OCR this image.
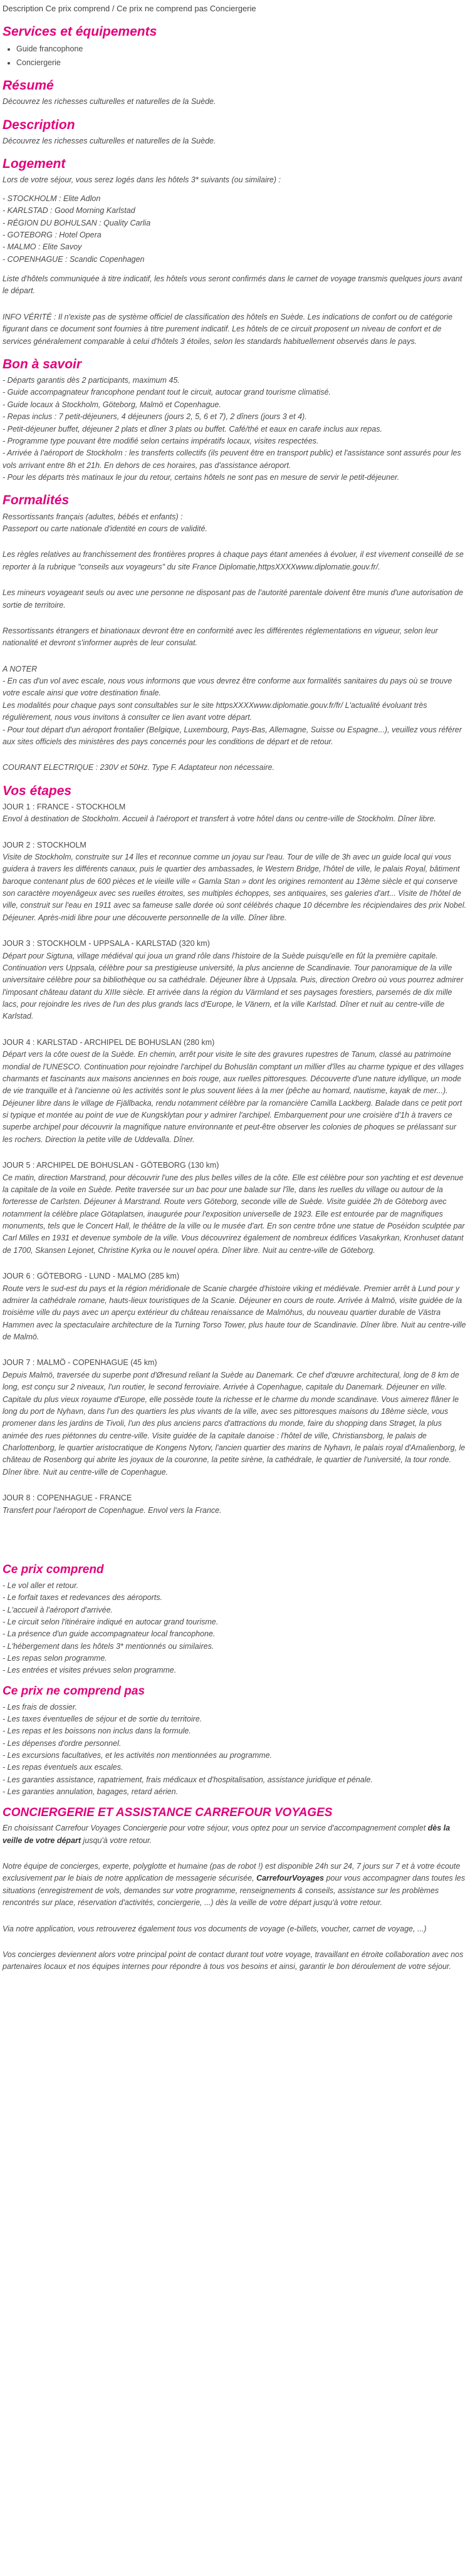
Description Ce prix comprend / Ce prix ne comprend pas Conciergerie
Services et équipements
• Guide francophone
• Conciergerie
Résumé

Découvrez les richesses culturelles et naturelles de la Suède.

Description

Découvrez les richesses culturelles et naturelles de la Suède.

Logement

Lors de votre séjour, vous serez logés dans les hôtels 3* suivants (ou similaire) :

- STOCKHOLM : Elite Adlon

- KARLSTAD : Good Morning Karlstad

- RÉGION DU BOHULSAN : Quality Carlia

- GOTEBORG : Hotel Opera

- MALMO : Elite Savoy

- COPENHAGUE : Scandic Copenhagen

Liste d'hôtels communiquée à titre indicatif, les hôtels vous seront confirmés dans le carnet de voyage transmis quelques jours avant le départ.

INFO VÉRITÉ : Il n'existe pas de système officiel de classification des hôtels en Suède. Les indications de confort ou de catégorie figurant dans ce document sont fournies à titre purement indicatif. Les hôtels de ce circuit proposent un niveau de confort et de services généralement comparable à celui d'hôtels 3 étoiles, selon les standards habituellement observés dans le pays.

Bon à savoir

- Départs garantis dès 2 participants, maximum 45.

- Guide accompagnateur francophone pendant tout le circuit, autocar grand tourisme climatisé.

- Guide locaux à Stockholm, Göteborg, Malmö et Copenhague.

- Repas inclus : 7 petit-déjeuners, 4 déjeuners (jours 2, 5, 6 et 7), 2 dîners (jours 3 et 4).

- Petit-déjeuner buffet, déjeuner 2 plats et dîner 3 plats ou buffet. Café/thé et eaux en carafe inclus aux repas.

- Programme type pouvant être modifié selon certains impératifs locaux, visites respectées.

- Arrivée à l'aéroport de Stockholm : les transferts collectifs (ils peuvent être en transport public) et l'assistance sont assurés pour les vols arrivant entre 8h et 21h. En dehors de ces horaires, pas d'assistance aéroport.

- Pour les départs très matinaux le jour du retour, certains hôtels ne sont pas en mesure de servir le petit-déjeuner.

Formalités

Ressortissants français (adultes, bébés et enfants) :
Passeport ou carte nationale d'identité en cours de validité.

Les règles relatives au franchissement des frontières propres à chaque pays étant amenées à évoluer, il est vivement conseillé de se reporter à la rubrique "conseils aux voyageurs" du site France Diplomatie,httpsXXXXwww.diplomatie.gouv.fr/.

Les mineurs voyageant seuls ou avec une personne ne disposant pas de l'autorité parentale doivent être munis d'une autorisation de sortie de territoire.

Ressortissants étrangers et binationaux devront être en conformité avec les différentes réglementations en vigueur, selon leur nationalité et devront s'informer auprès de leur consulat.

A NOTER
- En cas d'un vol avec escale, nous vous informons que vous devrez être conforme aux formalités sanitaires du pays où se trouve votre escale ainsi que votre destination finale.
Les modalités pour chaque pays sont consultables sur le site httpsXXXXwww.diplomatie.gouv.fr/fr/ L'actualité évoluant très régulièrement, nous vous invitons à consulter ce lien avant votre départ.
- Pour tout départ d'un aéroport frontalier (Belgique, Luxembourg, Pays-Bas, Allemagne, Suisse ou Espagne...), veuillez vous référer aux sites officiels des ministères des pays concernés pour les conditions de départ et de retour.

COURANT ELECTRIQUE : 230V et 50Hz. Type F. Adaptateur non nécessaire.

Vos étapes

JOUR 1 : FRANCE - STOCKHOLM

Envol à destination de Stockholm. Accueil à l'aéroport et transfert à votre hôtel dans ou centre-ville de Stockholm. Dîner libre.

JOUR 2 : STOCKHOLM

Visite de Stockholm, construite sur 14 îles et reconnue comme un joyau sur l'eau. Tour de ville de 3h avec un guide local qui vous guidera à travers les différents canaux, puis le quartier des ambassades, le Western Bridge, l'hôtel de ville, le palais Royal, bâtiment baroque contenant plus de 600 pièces et le vieille ville « Gamla Stan » dont les origines remontent au 13ème siècle et qui conserve son caractère moyenâgeux avec ses ruelles étroites, ses multiples échoppes, ses antiquaires, ses galeries d'art... Visite de l'hôtel de ville, construit sur l'eau en 1911 avec sa fameuse salle dorée où sont célébrés chaque 10 décembre les récipiendaires des prix Nobel. Déjeuner. Après-midi libre pour une découverte personnelle de la ville. Dîner libre.

JOUR 3 : STOCKHOLM - UPPSALA - KARLSTAD (320 km)

Départ pour Sigtuna, village médiéval qui joua un grand rôle dans l'histoire de la Suède puisqu'elle en fût la première capitale. Continuation vers Uppsala, célèbre pour sa prestigieuse université, la plus ancienne de Scandinavie. Tour panoramique de la ville universitaire célèbre pour sa bibliothèque ou sa cathédrale. Déjeuner libre à Uppsala. Puis, direction Orebro où vous pourrez admirer l'imposant château datant du XIIIe siècle. Et arrivée dans la région du Värmland et ses paysages forestiers, parsemés de dix mille lacs, pour rejoindre les rives de l'un des plus grands lacs d'Europe, le Vänern, et la ville Karlstad. Dîner et nuit au centre-ville de Karlstad.

JOUR 4 : KARLSTAD - ARCHIPEL DE BOHUSLAN (280 km)

Départ vers la côte ouest de la Suède. En chemin, arrêt pour visite le site des gravures rupestres de Tanum, classé au patrimoine mondial de l'UNESCO. Continuation pour rejoindre l'archipel du Bohuslän comptant un millier d'îles au charme typique et des villages charmants et fascinants aux maisons anciennes en bois rouge, aux ruelles pittoresques. Découverte d'une nature idyllique, un mode de vie tranquille et à l'ancienne où les activités sont le plus souvent liées à la mer (pêche au homard, nautisme, kayak de mer...). Déjeuner libre dans le village de Fjällbacka, rendu notamment célèbre par la romancière Camilla Lackberg. Balade dans ce petit port si typique et montée au point de vue de Kungsklytan pour y admirer l'archipel. Embarquement pour une croisière d'1h à travers ce superbe archipel pour découvrir la magnifique nature environnante et peut-être observer les colonies de phoques se prélassant sur les rochers. Direction la petite ville de Uddevalla. Dîner.

JOUR 5 : ARCHIPEL DE BOHUSLAN - GÖTEBORG (130 km)

Ce matin, direction Marstrand, pour découvrir l'une des plus belles villes de la côte. Elle est célèbre pour son yachting et est devenue la capitale de la voile en Suède. Petite traversée sur un bac pour une balade sur l'île, dans les ruelles du village ou autour de la forteresse de Carlsten. Déjeuner à Marstrand. Route vers Göteborg, seconde ville de Suède. Visite guidée 2h de Göteborg avec notamment la célèbre place Götaplatsen, inaugurée pour l'exposition universelle de 1923. Elle est entourée par de magnifiques monuments, tels que le Concert Hall, le théâtre de la ville ou le musée d'art. En son centre trône une statue de Poséidon sculptée par Carl Milles en 1931 et devenue symbole de la ville. Vous découvrirez également de nombreux édifices Vasakyrkan, Kronhuset datant de 1700, Skansen Lejonet, Christine Kyrka ou le nouvel opéra. Dîner libre. Nuit au centre-ville de Göteborg.

JOUR 6 : GÖTEBORG - LUND - MALMO (285 km)

Route vers le sud-est du pays et la région méridionale de Scanie chargée d'histoire viking et médiévale. Premier arrêt à Lund pour y admirer la cathédrale romane, hauts-lieux touristiques de la Scanie. Déjeuner en cours de route. Arrivée à Malmö, visite guidée de la troisième ville du pays avec un aperçu extérieur du château renaissance de Malmöhus, du nouveau quartier durable de Västra Hammen avec la spectaculaire architecture de la Turning Torso Tower, plus haute tour de Scandinavie. Dîner libre. Nuit au centre-ville de Malmö.

JOUR 7 : MALMÖ - COPENHAGUE (45 km)

Depuis Malmö, traversée du superbe pont d'Øresund reliant la Suède au Danemark. Ce chef d'œuvre architectural, long de 8 km de long, est conçu sur 2 niveaux, l'un routier, le second ferroviaire. Arrivée à Copenhague, capitale du Danemark. Déjeuner en ville. Capitale du plus vieux royaume d'Europe, elle possède toute la richesse et le charme du monde scandinave. Vous aimerez flâner le long du port de Nyhavn, dans l'un des quartiers les plus vivants de la ville, avec ses pittoresques maisons du 18ème siècle, vous promener dans les jardins de Tivoli, l'un des plus anciens parcs d'attractions du monde, faire du shopping dans Strøget, la plus animée des rues piétonnes du centre-ville. Visite guidée de la capitale danoise : l'hôtel de ville, Christiansborg, le palais de Charlottenborg, le quartier aristocratique de Kongens Nytorv, l'ancien quartier des marins de Nyhavn, le palais royal d'Amalienborg, le château de Rosenborg qui abrite les joyaux de la couronne, la petite sirène, la cathédrale, le quartier de l'université, la tour ronde. Dîner libre. Nuit au centre-ville de Copenhague.

JOUR 8 : COPENHAGUE - FRANCE

Transfert pour l'aéroport de Copenhague. Envol vers la France.

Ce prix comprend

- Le vol aller et retour.

- Le forfait taxes et redevances des aéroports.

- L'accueil à l'aéroport d'arrivée.

- Le circuit selon l'itinéraire indiqué en autocar grand tourisme.

- La présence d'un guide accompagnateur local francophone.

- L'hébergement dans les hôtels 3* mentionnés ou similaires.

- Les repas selon programme.

- Les entrées et visites prévues selon programme.

Ce prix ne comprend pas

- Les frais de dossier.

- Les taxes éventuelles de séjour et de sortie du territoire.

- Les repas et les boissons non inclus dans la formule.

- Les dépenses d'ordre personnel.

- Les excursions facultatives, et les activités non mentionnées au programme.

- Les repas éventuels aux escales.

- Les garanties assistance, rapatriement, frais médicaux et d'hospitalisation, assistance juridique et pénale.

- Les garanties annulation, bagages, retard aérien.

CONCIERGERIE ET ASSISTANCE CARREFOUR VOYAGES

En choisissant Carrefour Voyages Conciergerie pour votre séjour, vous optez pour un service d'accompagnement complet dès la veille de votre départ jusqu'à votre retour.

Notre équipe de concierges, experte, polyglotte et humaine (pas de robot !) est disponible 24h sur 24, 7 jours sur 7 et à votre écoute exclusivement par le biais de notre application de messagerie sécurisée, CarrefourVoyages pour vous accompagner dans toutes les situations (enregistrement de vols, demandes sur votre programme, renseignements & conseils, assistance sur les problèmes rencontrés sur place, réservation d'activités, conciergerie, ...) dès la veille de votre départ jusqu'à votre retour.

Via notre application, vous retrouverez également tous vos documents de voyage (e-billets, voucher, carnet de voyage, ...)

Vos concierges deviennent alors votre principal point de contact durant tout votre voyage, travaillant en étroite collaboration avec nos partenaires locaux et nos équipes internes pour répondre à tous vos besoins et ainsi, garantir le bon déroulement de votre séjour.
